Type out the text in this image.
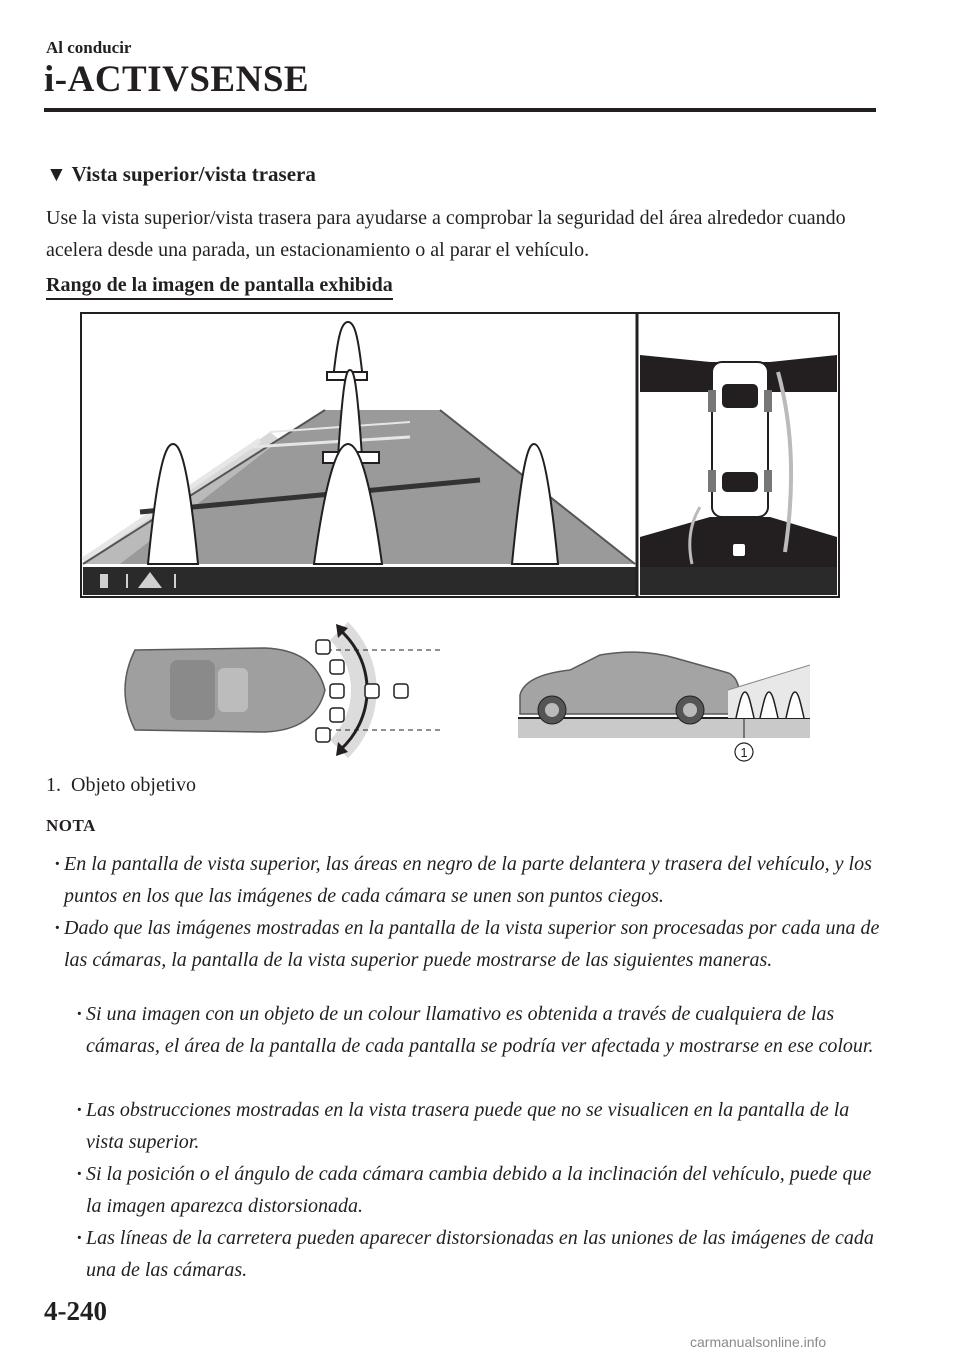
Al conducir
i-ACTIVSENSE
▼ Vista superior/vista trasera
Use la vista superior/vista trasera para ayudarse a comprobar la seguridad del área alrededor cuando acelera desde una parada, un estacionamiento o al parar el vehículo.
Rango de la imagen de pantalla exhibida
1
1. Objeto objetivo
NOTA
· En la pantalla de vista superior, las áreas en negro de la parte delantera y trasera del vehículo, y los puntos en los que las imágenes de cada cámara se unen son puntos ciegos.
· Dado que las imágenes mostradas en la pantalla de la vista superior son procesadas por cada una de las cámaras, la pantalla de la vista superior puede mostrarse de las siguientes maneras.
· Si una imagen con un objeto de un colour llamativo es obtenida a través de cualquiera de las cámaras, el área de la pantalla de cada pantalla se podría ver afectada y mostrarse en ese colour.
· Las obstrucciones mostradas en la vista trasera puede que no se visualicen en la pantalla de la vista superior.
· Si la posición o el ángulo de cada cámara cambia debido a la inclinación del vehículo, puede que la imagen aparezca distorsionada.
· Las líneas de la carretera pueden aparecer distorsionadas en las uniones de las imágenes de cada una de las cámaras.
4-240
carmanualsonline.info
